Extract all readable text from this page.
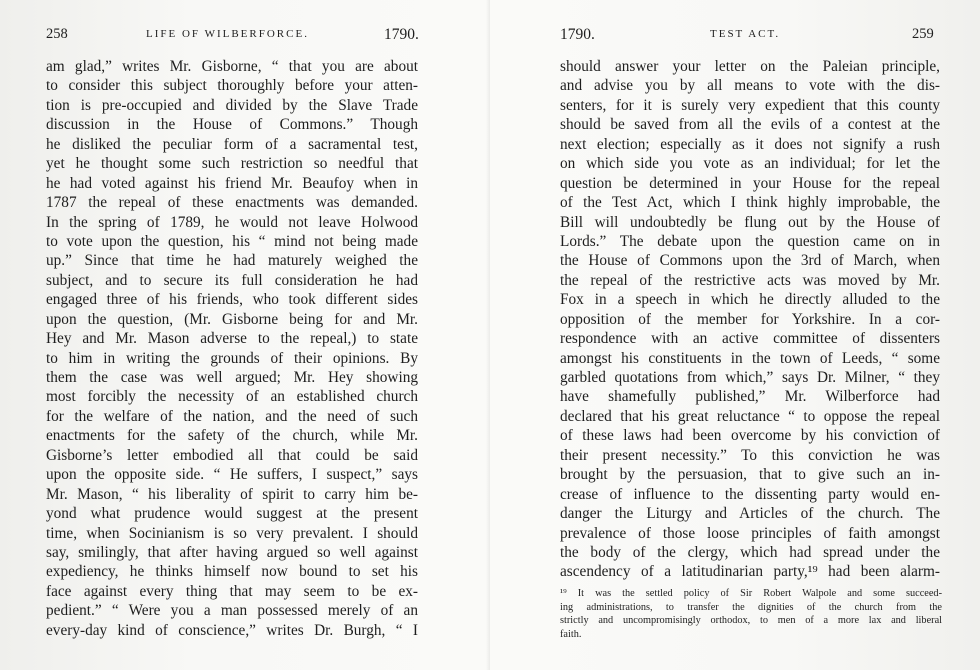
258	LIFE OF WILBERFORCE.	1790.
am glad,” writes Mr. Gisborne, “ that you are about
to consider this subject thoroughly before your atten-
tion is pre-occupied and divided by the Slave Trade
discussion in the House of Commons.” Though
he disliked the peculiar form of a sacramental test,
yet he thought some such restriction so needful that
he had voted against his friend Mr. Beaufoy when in
1787 the repeal of these enactments was demanded.
In the spring of 1789, he would not leave Holwood
to vote upon the question, his “ mind not being made
up.” Since that time he had maturely weighed the
subject, and to secure its full consideration he had
engaged three of his friends, who took different sides
upon the question, (Mr. Gisborne being for and Mr.
Hey and Mr. Mason adverse to the repeal,) to state
to him in writing the grounds of their opinions. By
them the case was well argued; Mr. Hey showing
most forcibly the necessity of an established church
for the welfare of the nation, and the need of such
enactments for the safety of the church, while Mr.
Gisborne’s letter embodied all that could be said
upon the opposite side. “ He suffers, I suspect,” says
Mr. Mason, “ his liberality of spirit to carry him be-
yond what prudence would suggest at the present
time, when Socinianism is so very prevalent. I should
say, smilingly, that after having argued so well against
expediency, he thinks himself now bound to set his
face against every thing that may seem to be ex-
pedient.” “ Were you a man possessed merely of an
every-day kind of conscience,” writes Dr. Burgh, “ I
1790.	TEST ACT.	259
should answer your letter on the Paleian principle,
and advise you by all means to vote with the dis-
senters, for it is surely very expedient that this county
should be saved from all the evils of a contest at the
next election; especially as it does not signify a rush
on which side you vote as an individual; for let the
question be determined in your House for the repeal
of the Test Act, which I think highly improbable, the
Bill will undoubtedly be flung out by the House of
Lords.” The debate upon the question came on in
the House of Commons upon the 3rd of March, when
the repeal of the restrictive acts was moved by Mr.
Fox in a speech in which he directly alluded to the
opposition of the member for Yorkshire. In a cor-
respondence with an active committee of dissenters
amongst his constituents in the town of Leeds, “ some
garbled quotations from which,” says Dr. Milner, “ they
have shamefully published,” Mr. Wilberforce had
declared that his great reluctance “ to oppose the repeal
of these laws had been overcome by his conviction of
their present necessity.” To this conviction he was
brought by the persuasion, that to give such an in-
crease of influence to the dissenting party would en-
danger the Liturgy and Articles of the church. The
prevalence of those loose principles of faith amongst
the body of the clergy, which had spread under the
ascendency of a latitudinarian party,¹⁹ had been alarm-
¹⁹ It was the settled policy of Sir Robert Walpole and some succeed-
ing administrations, to transfer the dignities of the church from the
strictly and uncompromisingly orthodox, to men of a more lax and liberal
faith.
